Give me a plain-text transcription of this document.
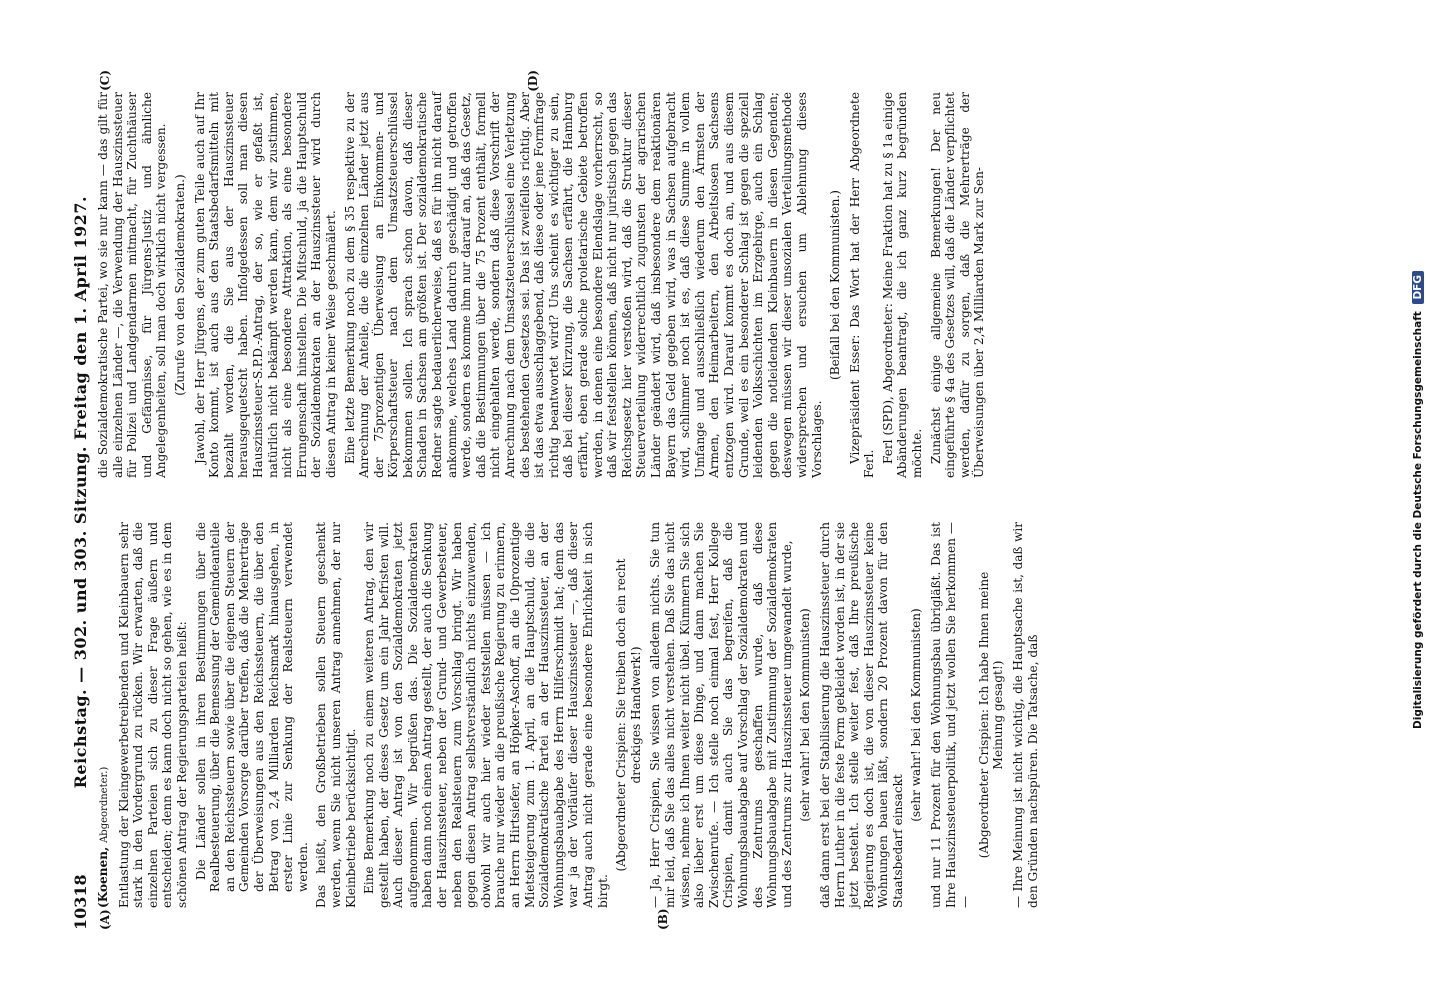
10318
Reichstag. — 302. und 303. Sitzung. Freitag den 1. April 1927.
(A)	(B)
(C)	(D)

(Koenen, Abgeordneter.) Entlastung der Kleingewerbetreibenden und Kleinbauern sehr stark in den Vordergrund zu rücken. Wir erwarten, daß die einzelnen Parteien sich zu dieser Frage äußern und entscheiden; denn es kann doch nicht so gehen, wie es in dem schönen Antrag der Regierungsparteien heißt: Die Länder sollen in ihren Bestimmungen über die Realbesteuerung, über die Bemessung der Gemeindeanteile an den Reichssteuern sowie über die eigenen Steuern der Gemeinden Vorsorge darüber treffen, daß die Mehrerträge der Überweisungen aus den Reichssteuern, die über den Betrag von 2,4 Milliarden Reichsmark hinausgehen, in erster Linie zur Senkung der Realsteuern verwendet werden. Das heißt, den Großbetrieben sollen Steuern geschenkt werden, wenn Sie nicht unseren Antrag annehmen, der nur Kleinbetriebe berücksichtigt. Eine Bemerkung noch zu einem weiteren Antrag, den wir gestellt haben, der dieses Gesetz um ein Jahr befristen will. Auch dieser Antrag ist von den Sozialdemokraten jetzt aufgenommen. Wir begrüßen das. Die Sozialdemokraten haben dann noch einen Antrag gestellt, der auch die Senkung der Hauszinssteuer, neben der Grund- und Gewerbesteuer, neben den Realsteuern zum Vorschlag bringt. Wir haben gegen diesen Antrag selbstverständlich nichts einzuwenden, obwohl wir auch hier wieder feststellen müssen — ich brauche nur wieder an die preußische Regierung zu erinnern, an Herrn Hirtsiefer, an Höpker-Aschoff, an die 10prozentige Mietsteigerung zum 1. April, an die Hauptschuld, die die Sozialdemokratische Partei an der Hauszinssteuer, an der Wohnungsbauabgabe des Herrn Hilferschmidt hat; denn das war ja der Vorläufer dieser Hauszinssteuer —, daß dieser Antrag auch nicht gerade eine besondere Ehrlichkeit in sich birgt.

(Abgeordneter Crispien: Sie treiben doch ein recht dreckiges Handwerk!) — Ja, Herr Crispien, Sie wissen von alledem nichts. Sie tun mir leid, daß Sie das alles nicht verstehen. Daß Sie das nicht wissen, nehme ich Ihnen weiter nicht übel. Kümmern Sie sich also lieber erst um diese Dinge, und dann machen Sie Zwischenrufe. — Ich stelle noch einmal fest, Herr Kollege Crispien, damit auch Sie das begreifen, daß die Wohnungsbauabgabe auf Vorschlag der Sozialdemokraten und des Zentrums geschaffen wurde, daß diese Wohnungsbauabgabe mit Zustimmung der Sozialdemokraten und des Zentrums zur Hauszinssteuer umgewandelt wurde, (sehr wahr! bei den Kommunisten) daß dann erst bei der Stabilisierung die Hauszinssteuer durch Herrn Luther in die feste Form gekleidet worden ist, in der sie jetzt besteht. Ich stelle weiter fest, daß Ihre preußische Regierung es doch ist, die von dieser Hauszinssteuer keine Wohnungen bauen läßt, sondern 20 Prozent davon für den Staatsbedarf einsackt

(sehr wahr! bei den Kommunisten) und nur 11 Prozent für den Wohnungsbau übrigläßt. Das ist Ihre Hauszinssteuerpolitik, und jetzt wollen Sie herkommen — —

(Abgeordneter Crispien: Ich habe Ihnen meine Meinung gesagt!) — Ihre Meinung ist nicht wichtig, die Hauptsache ist, daß wir den Gründen nachspüren. Die Tatsache, daß

die Sozialdemokratische Partei, wo sie nur kann — das gilt für alle einzelnen Länder —, die Verwendung der Hauszinssteuer für Polizei und Landgendarmen mitmacht, für Zuchthäuser und Gefängnisse, für Jürgens-Justiz und ähnliche Angelegenheiten, soll man doch wirklich nicht vergessen. (Zurufe von den Sozialdemokraten.) Jawohl, der Herr Jürgens, der zum guten Teile auch auf Ihr Konto kommt, ist auch aus den Staatsbedarfsmitteln mit bezahlt worden, die Sie aus der Hauszinssteuer herausgequetscht haben. Infolgedessen soll man diesen Hauszinssteuer-S.P.D.-Antrag, der so, wie er gefaßt ist, natürlich nicht bekämpft werden kann, dem wir zustimmen, nicht als eine besondere Attraktion, als eine besondere Errungenschaft hinstellen. Die Mitschuld, ja die Hauptschuld der Sozialdemokraten an der Hauszinssteuer wird durch diesen Antrag in keiner Weise geschmälert. Eine letzte Bemerkung noch zu dem § 35 respektive zu der Anrechnung der Anteile, die die einzelnen Länder jetzt aus der 75prozentigen Überweisung an Einkommen- und Körperschaftsteuer nach dem Umsatzsteuerschlüssel bekommen sollen. Ich sprach schon davon, daß dieser Schaden in Sachsen am größten ist. Der sozialdemokratische Redner sagte bedauerlicherweise, daß es für ihn nicht darauf ankomme, welches Land dadurch geschädigt und getroffen werde, sondern es komme ihm nur darauf an, daß das Gesetz, daß die Bestimmungen über die 75 Prozent enthält, formell nicht eingehalten werde, sondern daß diese Vorschrift der Anrechnung nach dem Umsatzsteuerschlüssel eine Verletzung des bestehenden Gesetzes sei. Das ist zweifellos richtig. Aber ist das etwa ausschlaggebend, daß diese oder jene Formfrage richtig beantwortet wird? Uns scheint es wichtiger zu sein, daß bei dieser Kürzung, die Sachsen erfährt, die Hamburg erfährt, eben gerade solche proletarische Gebiete betroffen werden, in denen eine besondere Elendslage vorherrscht, so daß wir feststellen können, daß nicht nur juristisch gegen das Reichsgesetz hier verstoßen wird, daß die Struktur dieser Steuerverteilung widerrechtlich zugunsten der agrarischen Länder geändert wird, daß insbesondere dem reaktionären Bayern das Geld gegeben wird, was in Sachsen aufgebracht wird, schlimmer noch ist es, daß diese Summe in vollem Umfange und ausschließlich wiederum den Ärmsten der Armen, den Heimarbeitern, den Arbeitslosen Sachsens entzogen wird. Darauf kommt es doch an, und aus diesem Grunde, weil es ein besonderer Schlag ist gegen die speziell leidenden Volksschichten im Erzgebirge, auch ein Schlag gegen die notleidenden Kleinbauern in diesen Gegenden; deswegen müssen wir dieser unsozialen Verteilungsmethode widersprechen und ersuchen um Ablehnung dieses Vorschlages.

(Beifall bei den Kommunisten.) Vizepräsident Esser: Das Wort hat der Herr Abgeordnete Ferl. Ferl (SPD), Abgeordneter: Meine Fraktion hat zu § 1a einige Abänderungen beantragt, die ich ganz kurz begründen möchte. Zunächst einige allgemeine Bemerkungen! Der neu eingeführte § 4a des Gesetzes will, daß die Länder verpflichtet werden, dafür zu sorgen, daß die Mehrerträge der Überweisungen über 2,4 Milliarden Mark zur Sen-	Digitalisierung gefördert durch die Deutsche Forschungsgemeinschaft DFG
